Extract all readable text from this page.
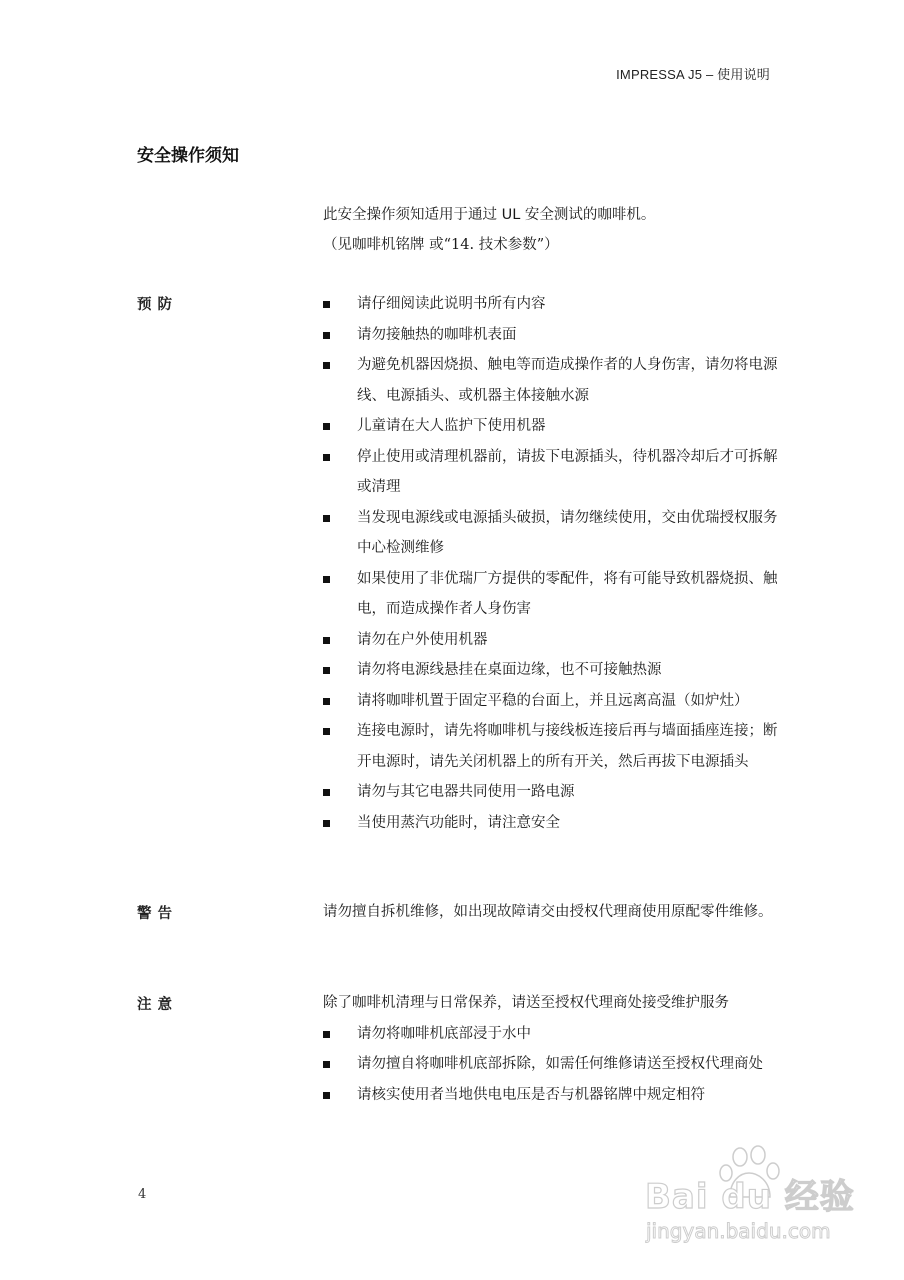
IMPRESSA J5 – 使用说明
安全操作须知
此安全操作须知适用于通过 UL 安全测试的咖啡机。
（见咖啡机铭牌 或“14. 技术参数”）
预防	请仔细阅读此说明书所有内容
请勿接触热的咖啡机表面
为避免机器因烧损、触电等而造成操作者的人身伤害，请勿将电源线、电源插头、或机器主体接触水源
儿童请在大人监护下使用机器
停止使用或清理机器前，请拔下电源插头，待机器冷却后才可拆解或清理
当发现电源线或电源插头破损，请勿继续使用，交由优瑞授权服务中心检测维修
如果使用了非优瑞厂方提供的零配件，将有可能导致机器烧损、触电，而造成操作者人身伤害
请勿在户外使用机器
请勿将电源线悬挂在桌面边缘，也不可接触热源
请将咖啡机置于固定平稳的台面上，并且远离高温（如炉灶）
连接电源时，请先将咖啡机与接线板连接后再与墙面插座连接；断开电源时，请先关闭机器上的所有开关，然后再拔下电源插头
请勿与其它电器共同使用一路电源
当使用蒸汽功能时，请注意安全
警告	请勿擅自拆机维修，如出现故障请交由授权代理商使用原配零件维修。

注意	除了咖啡机清理与日常保养，请送至授权代理商处接受维护服务

请勿将咖啡机底部浸于水中
请勿擅自将咖啡机底部拆除，如需任何维修请送至授权代理商处
请核实使用者当地供电电压是否与机器铭牌中规定相符
4	Bai du 经验
jingyan.baidu.com
